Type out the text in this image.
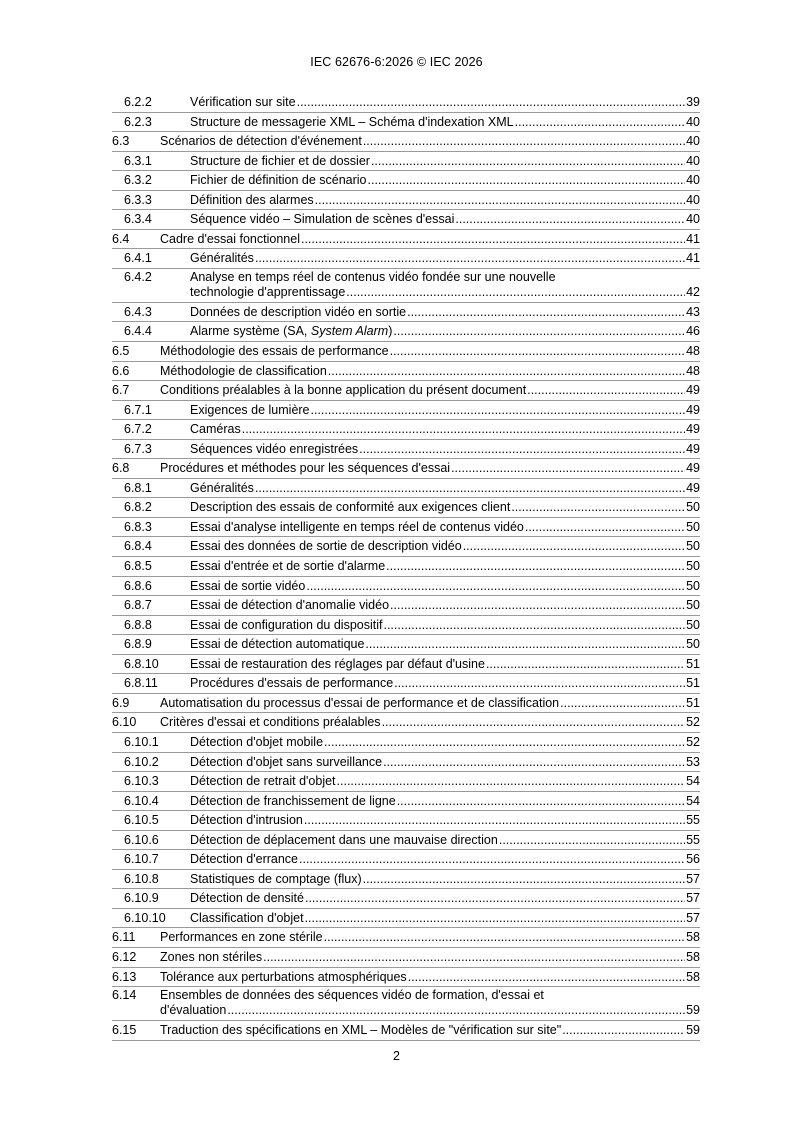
IEC 62676-6:2026 © IEC 2026
6.2.2	Vérification sur site .....	39
6.2.3	Structure de messagerie XML – Schéma d'indexation XML .....	40
6.3 Scénarios de détection d'événement .....	40
6.3.1	Structure de fichier et de dossier .....	40
6.3.2	Fichier de définition de scénario .....	40
6.3.3	Définition des alarmes .....	40
6.3.4	Séquence vidéo – Simulation de scènes d'essai .....	40
6.4 Cadre d'essai fonctionnel .....	41
6.4.1	Généralités .....	41
6.4.2	Analyse en temps réel de contenus vidéo fondée sur une nouvelle
technologie d'apprentissage .....	42
6.4.3	Données de description vidéo en sortie .....	43
6.4.4	Alarme système (SA, System Alarm) .....	46
6.5 Méthodologie des essais de performance .....	48
6.6 Méthodologie de classification .....	48
6.7 Conditions préalables à la bonne application du présent document .....	49
6.7.1	Exigences de lumière .....	49
6.7.2	Caméras .....	49
6.7.3	Séquences vidéo enregistrées .....	49
6.8 Procédures et méthodes pour les séquences d'essai .....	49
6.8.1	Généralités .....	49
6.8.2	Description des essais de conformité aux exigences client .....	50
6.8.3	Essai d'analyse intelligente en temps réel de contenus vidéo .....	50
6.8.4	Essai des données de sortie de description vidéo .....	50
6.8.5	Essai d'entrée et de sortie d'alarme .....	50
6.8.6	Essai de sortie vidéo .....	50
6.8.7	Essai de détection d'anomalie vidéo .....	50
6.8.8	Essai de configuration du dispositif .....	50
6.8.9	Essai de détection automatique .....	50
6.8.10 Essai de restauration des réglages par défaut d'usine .....	51
6.8.11	Procédures d'essais de performance .....	51
6.9 Automatisation du processus d'essai de performance et de classification .....	51
6.10 Critères d'essai et conditions préalables .....	52
6.10.1 Détection d'objet mobile .....	52
6.10.2 Détection d'objet sans surveillance .....	53
6.10.3 Détection de retrait d'objet .....	54
6.10.4 Détection de franchissement de ligne .....	54
6.10.5 Détection d'intrusion .....	55
6.10.6 Détection de déplacement dans une mauvaise direction .....	55
6.10.7 Détection d'errance .....	56
6.10.8 Statistiques de comptage (flux) .....	57
6.10.9 Détection de densité .....	57
6.10.10 Classification d'objet .....	57
6.11 Performances en zone stérile .....	58
6.12 Zones non stériles .....	58
6.13 Tolérance aux perturbations atmosphériques .....	58
6.14 Ensembles de données des séquences vidéo de formation, d'essai et
d'évaluation .....	59
6.15 Traduction des spécifications en XML – Modèles de "vérification sur site" .....	59
2
